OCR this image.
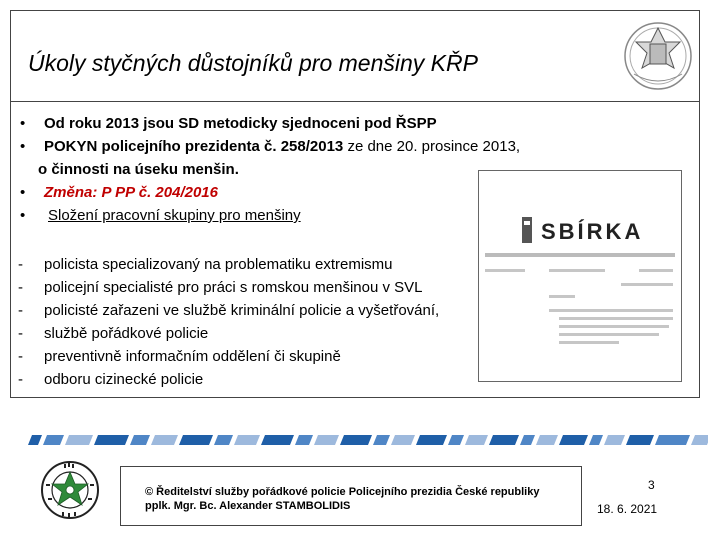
Úkoly styčných důstojníků pro menšiny KŘP
•	Od roku 2013 jsou SD metodicky sjednoceni pod ŘSPP
•	POKYN policejního prezidenta č. 258/2013 ze dne 20. prosince 2013,
o činnosti na úseku menšin.
•	Změna: P PP č. 204/2016
•	Složení pracovní skupiny pro menšiny
- policista specializovaný na problematiku extremismu
- policejní specialisté pro práci s romskou menšinou v SVL
- policisté zařazeni ve službě kriminální policie a vyšetřování,
- službě pořádkové policie
- preventivně informačním oddělení či skupině
- odboru cizinecké policie
SBÍRKA
© Ředitelství služby pořádkové policie Policejního prezidia České republiky
pplk. Mgr. Bc. Alexander STAMBOLIDIS
3
18. 6. 2021
